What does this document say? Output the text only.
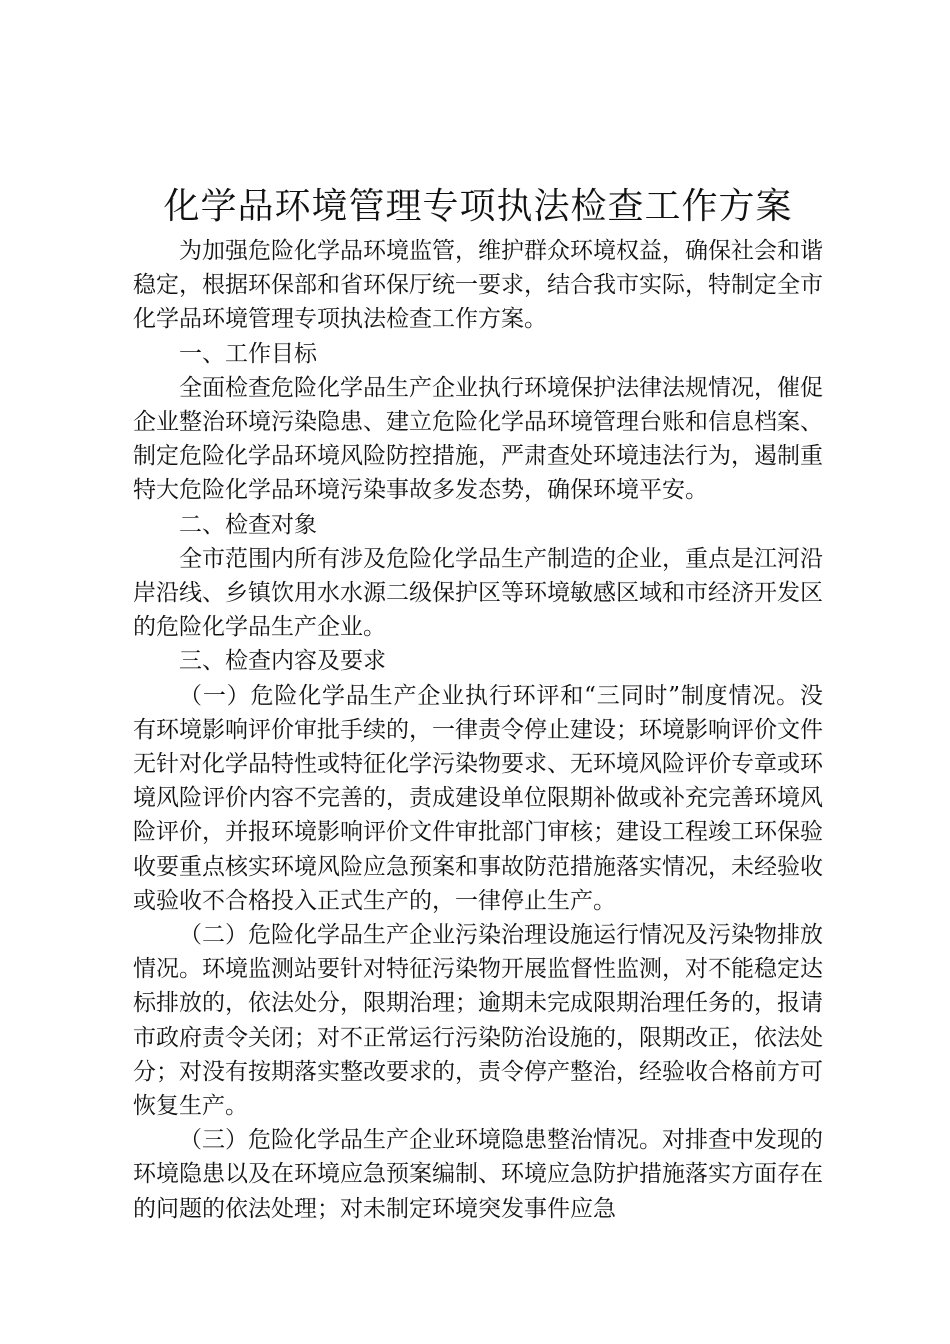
化学品环境管理专项执法检查工作方案

为加强危险化学品环境监管，维护群众环境权益，确保社会和谐稳定，根据环保部和省环保厅统一要求，结合我市实际，特制定全市化学品环境管理专项执法检查工作方案。

一、工作目标

全面检查危险化学品生产企业执行环境保护法律法规情况，催促企业整治环境污染隐患、建立危险化学品环境管理台账和信息档案、制定危险化学品环境风险防控措施，严肃查处环境违法行为，遏制重特大危险化学品环境污染事故多发态势，确保环境平安。

二、检查对象

全市范围内所有涉及危险化学品生产制造的企业，重点是江河沿岸沿线、乡镇饮用水水源二级保护区等环境敏感区域和市经济开发区的危险化学品生产企业。

三、检查内容及要求

（一）危险化学品生产企业执行环评和“三同时”制度情况。没有环境影响评价审批手续的，一律责令停止建设；环境影响评价文件无针对化学品特性或特征化学污染物要求、无环境风险评价专章或环境风险评价内容不完善的，责成建设单位限期补做或补充完善环境风险评价，并报环境影响评价文件审批部门审核；建设工程竣工环保验收要重点核实环境风险应急预案和事故防范措施落实情况，未经验收或验收不合格投入正式生产的，一律停止生产。

（二）危险化学品生产企业污染治理设施运行情况及污染物排放情况。环境监测站要针对特征污染物开展监督性监测，对不能稳定达标排放的，依法处分，限期治理；逾期未完成限期治理任务的，报请市政府责令关闭；对不正常运行污染防治设施的，限期改正，依法处分；对没有按期落实整改要求的，责令停产整治，经验收合格前方可恢复生产。

（三）危险化学品生产企业环境隐患整治情况。对排查中发现的环境隐患以及在环境应急预案编制、环境应急防护措施落实方面存在的问题的依法处理；对未制定环境突发事件应急
